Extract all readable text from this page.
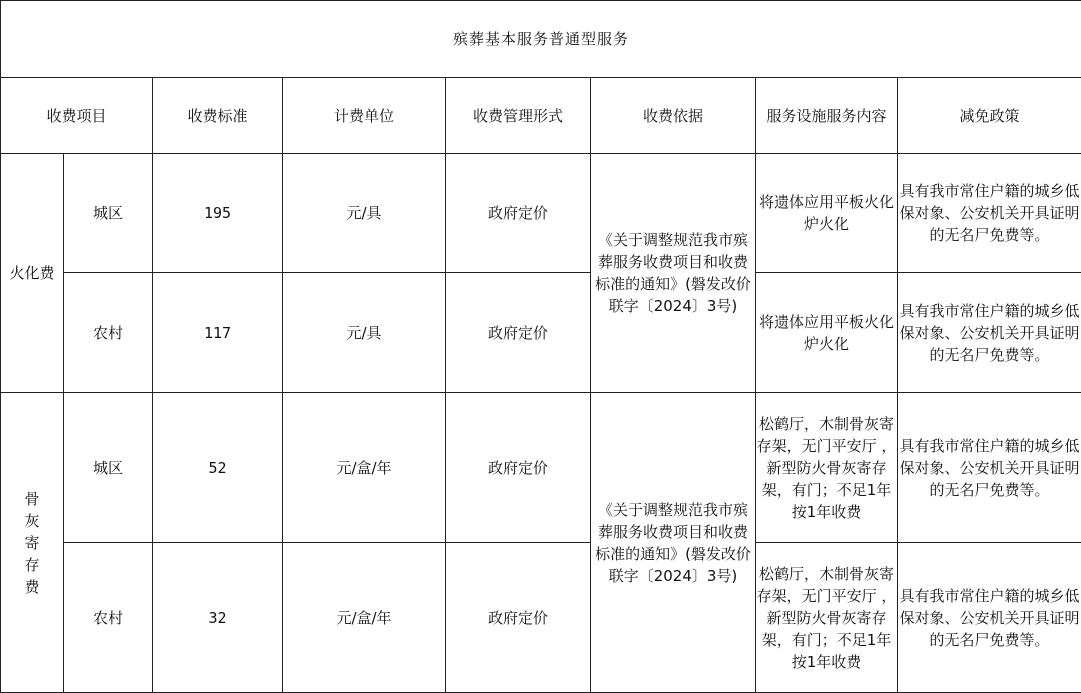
殡葬基本服务普通型服务							
收费项目		收费标准	计费单位	收费管理形式	收费依据	服务设施服务内容	减免政策
火化费	城区	195	元/具	政府定价	《关于调整规范我市殡葬服务收费项目和收费标准的通知》(磐发改价联字〔2024〕3号)	将遗体应用平板火化炉火化	具有我市常住户籍的城乡低保对象、公安机关开具证明的无名尸免费等。
	农村	117	元/具	政府定价		将遗体应用平板火化炉火化	具有我市常住户籍的城乡低保对象、公安机关开具证明的无名尸免费等。
骨灰寄存费	城区	52	元/盒/年	政府定价	《关于调整规范我市殡葬服务收费项目和收费标准的通知》(磐发改价联字〔2024〕3号)	松鹤厅，木制骨灰寄存架，无门平安厅 ，新型防火骨灰寄存架，有门；不足1年按1年收费	具有我市常住户籍的城乡低保对象、公安机关开具证明的无名尸免费等。
	农村	32	元/盒/年	政府定价		松鹤厅，木制骨灰寄存架，无门平安厅 ，新型防火骨灰寄存架，有门；不足1年按1年收费	具有我市常住户籍的城乡低保对象、公安机关开具证明的无名尸免费等。
